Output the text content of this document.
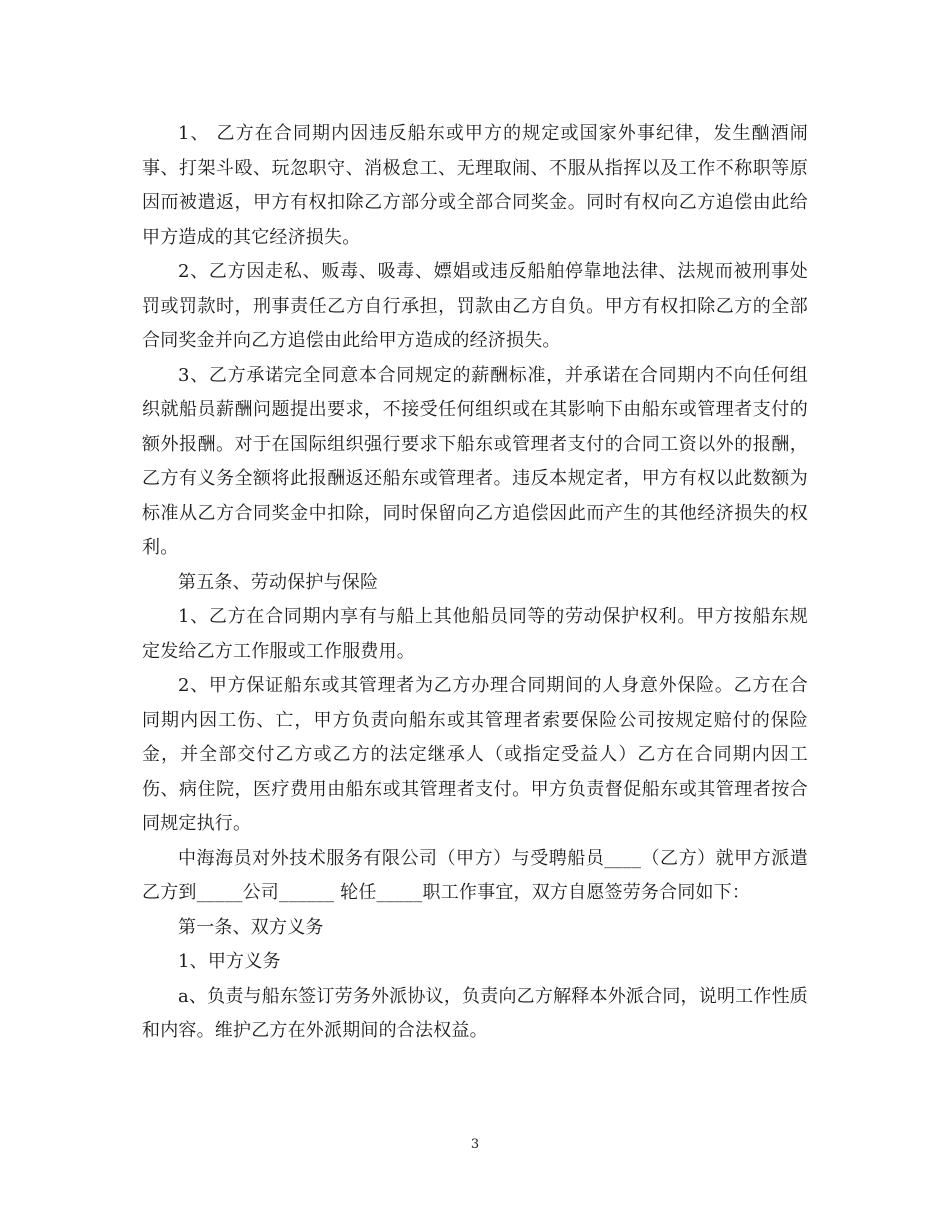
1、 乙方在合同期内因违反船东或甲方的规定或国家外事纪律，发生酗酒闹事、打架斗殴、玩忽职守、消极怠工、无理取闹、不服从指挥以及工作不称职等原因而被遣返，甲方有权扣除乙方部分或全部合同奖金。同时有权向乙方追偿由此给甲方造成的其它经济损失。

2、乙方因走私、贩毒、吸毒、嫖娼或违反船舶停靠地法律、法规而被刑事处罚或罚款时，刑事责任乙方自行承担，罚款由乙方自负。甲方有权扣除乙方的全部合同奖金并向乙方追偿由此给甲方造成的经济损失。

3、乙方承诺完全同意本合同规定的薪酬标准，并承诺在合同期内不向任何组织就船员薪酬问题提出要求，不接受任何组织或在其影响下由船东或管理者支付的额外报酬。对于在国际组织强行要求下船东或管理者支付的合同工资以外的报酬，乙方有义务全额将此报酬返还船东或管理者。违反本规定者，甲方有权以此数额为标准从乙方合同奖金中扣除，同时保留向乙方追偿因此而产生的其他经济损失的权利。

第五条、劳动保护与保险

1、乙方在合同期内享有与船上其他船员同等的劳动保护权利。甲方按船东规定发给乙方工作服或工作服费用。

2、甲方保证船东或其管理者为乙方办理合同期间的人身意外保险。乙方在合同期内因工伤、亡，甲方负责向船东或其管理者索要保险公司按规定赔付的保险金，并全部交付乙方或乙方的法定继承人（或指定受益人）乙方在合同期内因工伤、病住院，医疗费用由船东或其管理者支付。甲方负责督促船东或其管理者按合同规定执行。

中海海员对外技术服务有限公司（甲方）与受聘船员____（乙方）就甲方派遣乙方到_____公司______ 轮任_____职工作事宜，双方自愿签劳务合同如下：

第一条、双方义务

1、甲方义务

a、负责与船东签订劳务外派协议，负责向乙方解释本外派合同，说明工作性质和内容。维护乙方在外派期间的合法权益。

3
